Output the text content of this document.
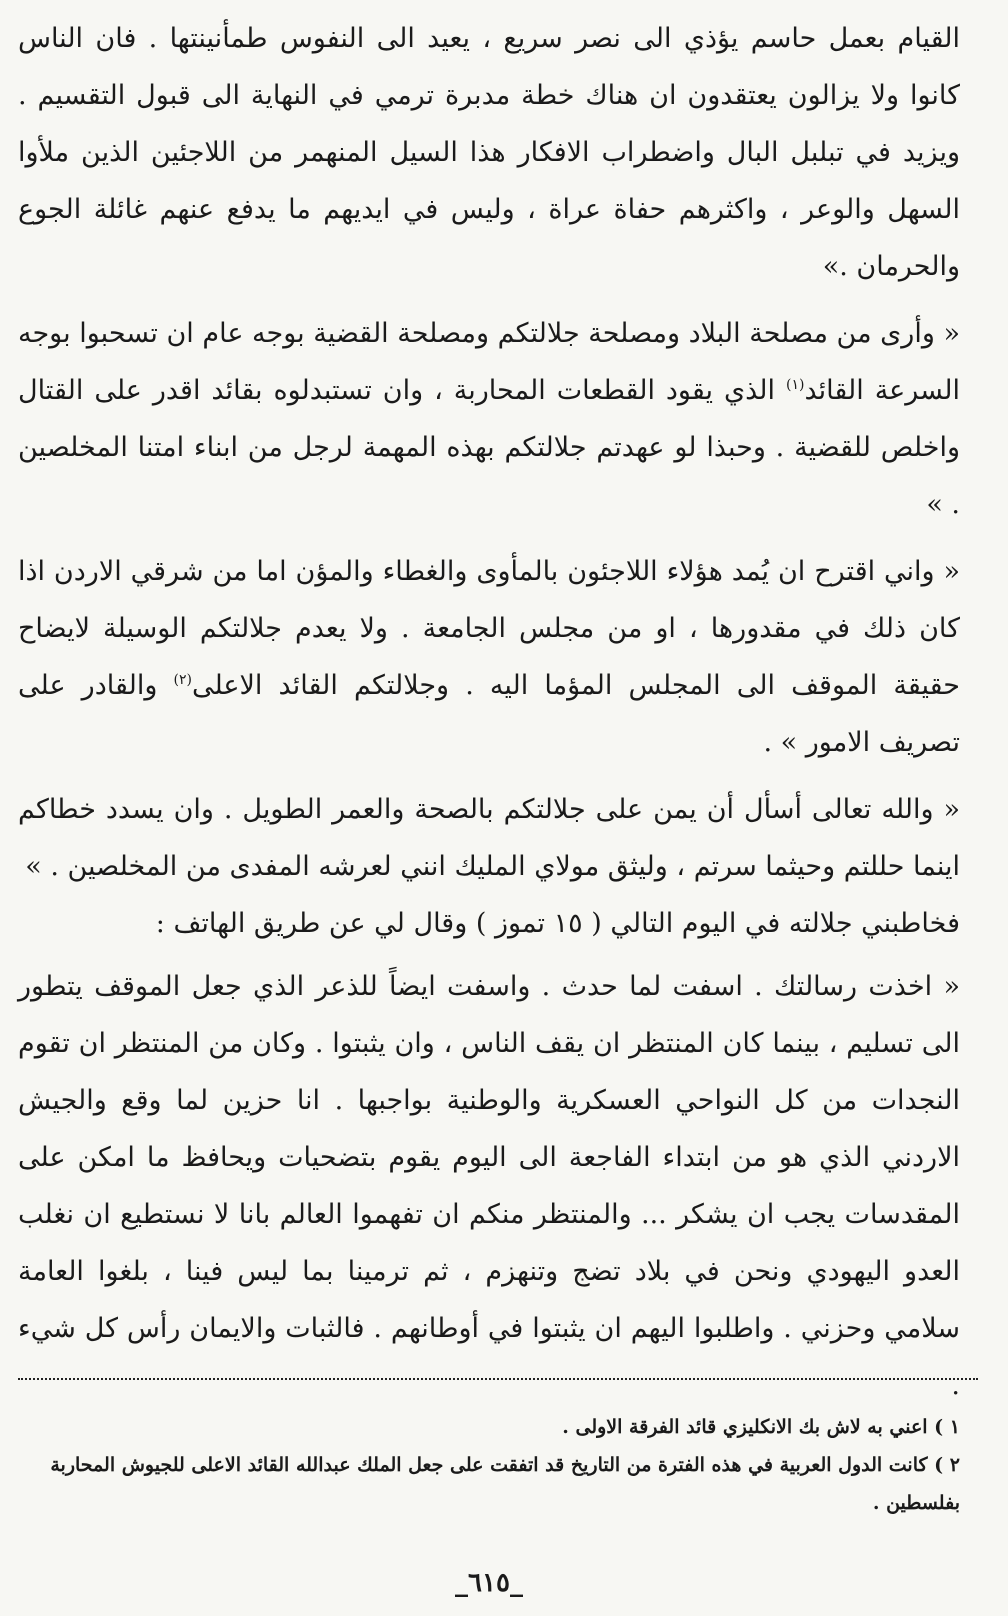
القيام بعمل حاسم يؤذي الى نصر سريع ، يعيد الى النفوس طمأنينتها . فان الناس كانوا ولا يزالون يعتقدون ان هناك خطة مدبرة ترمي في النهاية الى قبول التقسيم . ويزيد في تبلبل البال واضطراب الافكار هذا السيل المنهمر من اللاجئين الذين ملأوا السهل والوعر ، واكثرهم حفاة عراة ، وليس في ايديهم ما يدفع عنهم غائلة الجوع والحرمان .»

« وأرى من مصلحة البلاد ومصلحة جلالتكم ومصلحة القضية بوجه عام ان تسحبوا بوجه السرعة القائد$^{(١)}$ الذي يقود القطعات المحاربة ، وان تستبدلوه بقائد اقدر على القتال واخلص للقضية . وحبذا لو عهدتم جلالتكم بهذه المهمة لرجل من ابناء امتنا المخلصين . »

« واني اقترح ان يُمد هؤلاء اللاجئون بالمأوى والغطاء والمؤن اما من شرقي الاردن اذا كان ذلك في مقدورها ، او من مجلس الجامعة . ولا يعدم جلالتكم الوسيلة لايضاح حقيقة الموقف الى المجلس المؤما اليه . وجلالتكم القائد الاعلى$^{(٢)}$ والقادر على تصريف الامور » .

« والله تعالى أسأل أن يمن على جلالتكم بالصحة والعمر الطويل . وان يسدد خطاكم اينما حللتم وحيثما سرتم ، وليثق مولاي المليك انني لعرشه المفدى من المخلصين . »

فخاطبني جلالته في اليوم التالي ( ١٥ تموز ) وقال لي عن طريق الهاتف :

« اخذت رسالتك . اسفت لما حدث . واسفت ايضاً للذعر الذي جعل الموقف يتطور الى تسليم ، بينما كان المنتظر ان يقف الناس ، وان يثبتوا . وكان من المنتظر ان تقوم النجدات من كل النواحي العسكرية والوطنية بواجبها . انا حزين لما وقع والجيش الاردني الذي هو من ابتداء الفاجعة الى اليوم يقوم بتضحيات ويحافظ ما امكن على المقدسات يجب ان يشكر ... والمنتظر منكم ان تفهموا العالم بانا لا نستطيع ان نغلب العدو اليهودي ونحن في بلاد تضج وتنهزم ، ثم ترمينا بما ليس فينا ، بلغوا العامة سلامي وحزني . واطلبوا اليهم ان يثبتوا في أوطانهم . فالثبات والايمان رأس كل شيء .

١ ) اعني به لاش بك الانكليزي قائد الفرقة الاولى .

٢ ) كانت الدول العربية في هذه الفترة من التاريخ قد اتفقت على جعل الملك عبدالله القائد الاعلى للجيوش المحاربة بفلسطين .

_٦١٥_
